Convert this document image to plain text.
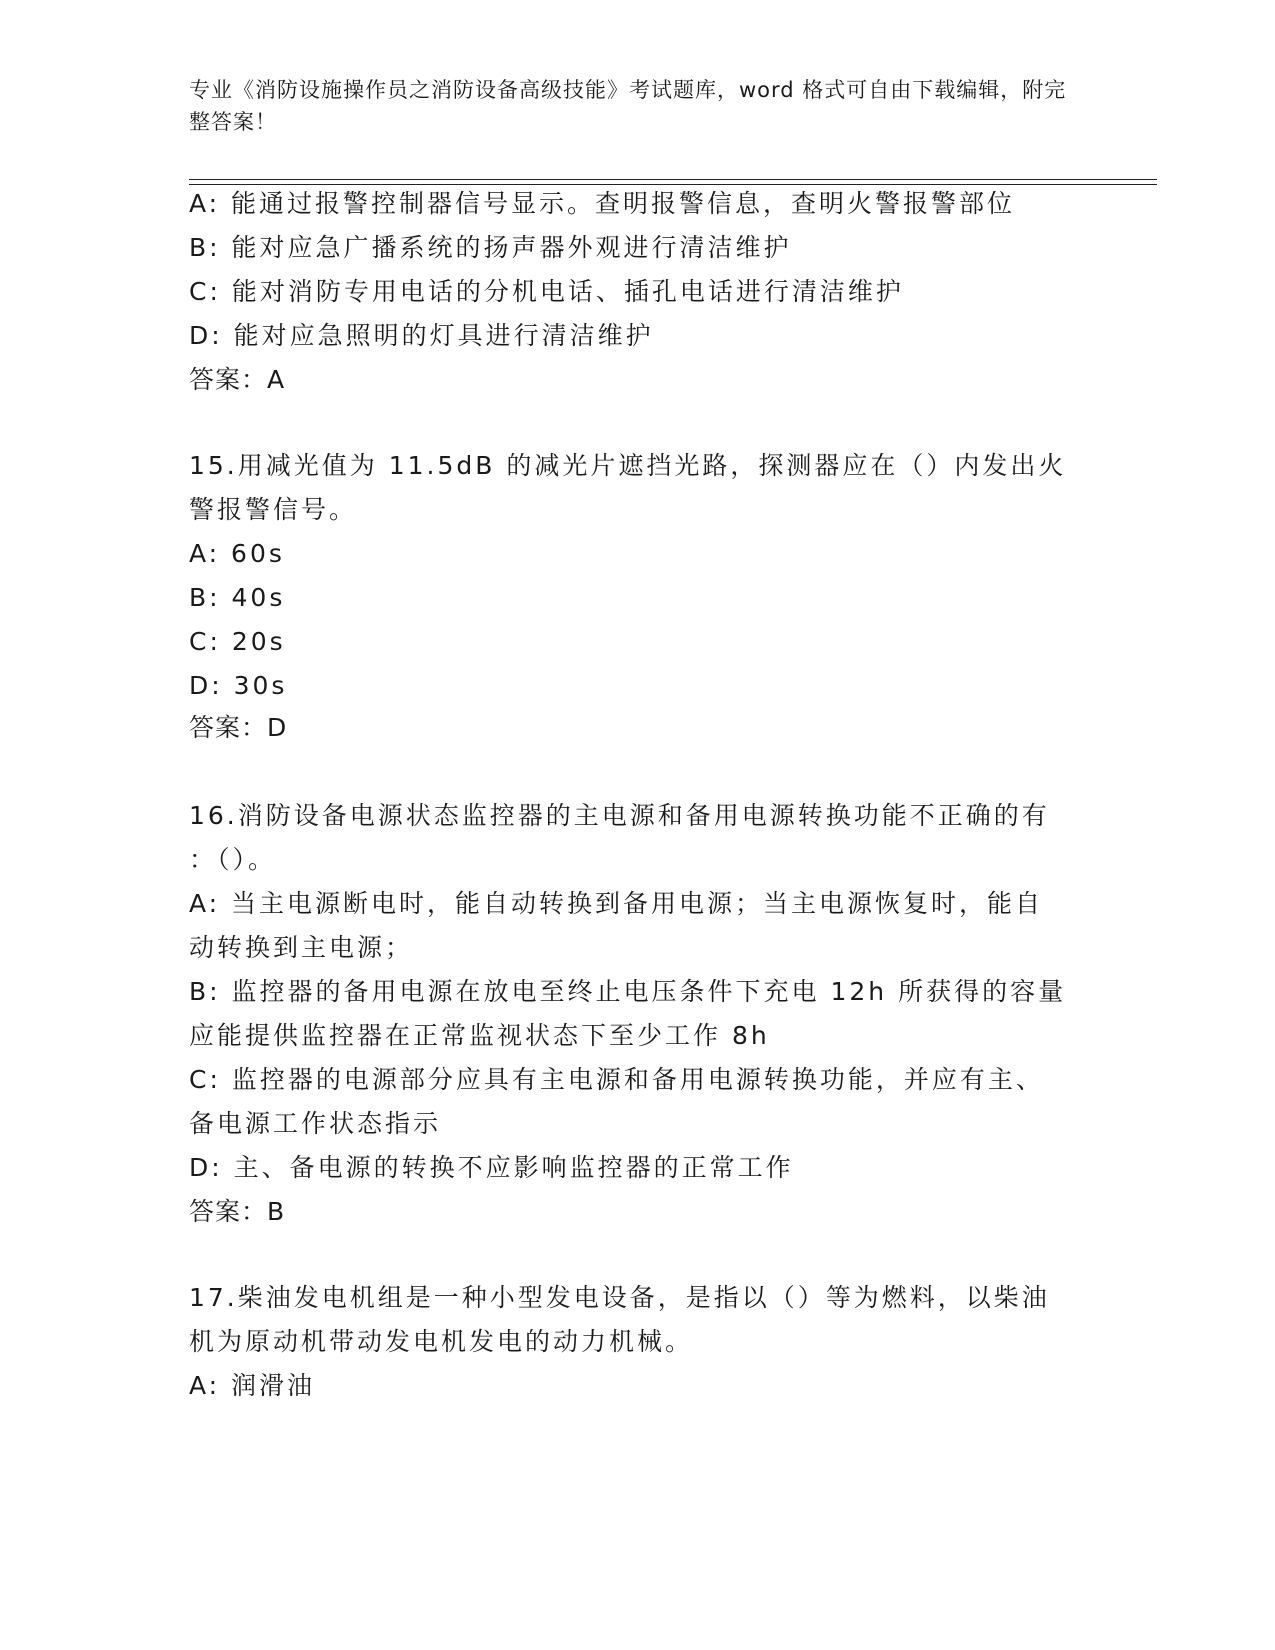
专业《消防设施操作员之消防设备高级技能》考试题库，word 格式可自由下载编辑，附完整答案！
A: 能通过报警控制器信号显示。查明报警信息，查明火警报警部位
B: 能对应急广播系统的扬声器外观进行清洁维护
C: 能对消防专用电话的分机电话、插孔电话进行清洁维护
D: 能对应急照明的灯具进行清洁维护
答案：A
15.用减光值为 11.5dB 的减光片遮挡光路，探测器应在（）内发出火
警报警信号。
A: 60s
B: 40s
C: 20s
D: 30s
答案：D
16.消防设备电源状态监控器的主电源和备用电源转换功能不正确的有
：（）。
A: 当主电源断电时，能自动转换到备用电源；当主电源恢复时，能自
动转换到主电源；
B: 监控器的备用电源在放电至终止电压条件下充电 12h 所获得的容量
应能提供监控器在正常监视状态下至少工作 8h
C: 监控器的电源部分应具有主电源和备用电源转换功能，并应有主、
备电源工作状态指示
D: 主、备电源的转换不应影响监控器的正常工作
答案：B
17.柴油发电机组是一种小型发电设备，是指以（）等为燃料，以柴油
机为原动机带动发电机发电的动力机械。
A: 润滑油
